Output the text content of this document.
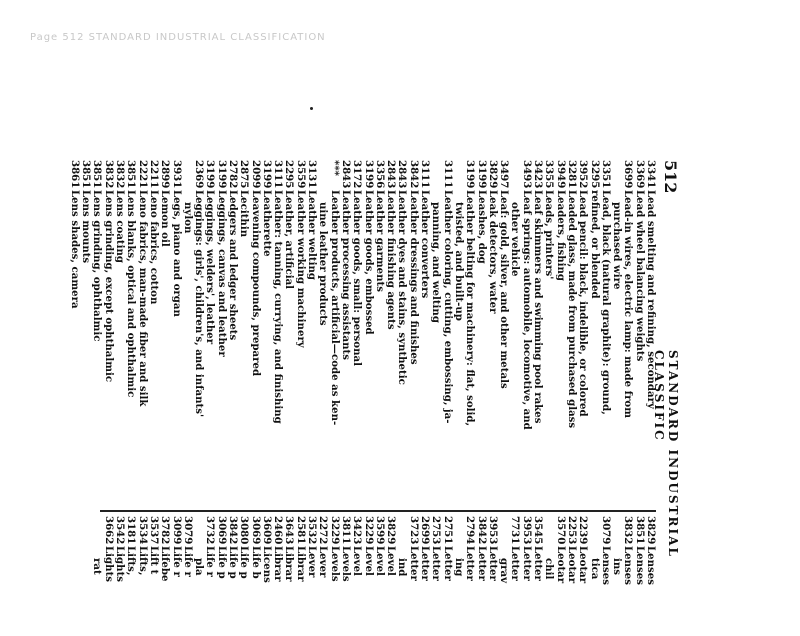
Page 512 STANDARD INDUSTRIAL CLASSIFICATION
512
STANDARD INDUSTRIAL CLASSIFIC
3341
Lead smelting and refining, secondary
3369
Lead wheel balancing weights
3699
Lead-in wires, electric lamp: made from
purchased wire
3351
Lead, black (natural graphite): ground,
3295
refined, or blended
3952
Lead pencil: black, indelible, or colored
3281
Leaded glass, made from purchased glass
3949
Leaders, fishing
3355
Leads, printers'
3423
Leaf skimmers and swimming pool rakes
3493
Leaf springs: automobile, locomotive, and
other vehicle
3497
Leaf: gold, silver, and other metals
3829
Leak detectors, water
3199
Leashes, dog
3199
Leather belting for machinery: flat, solid,
twisted, and built-up
3111
Leather coloring, cutting, embossing, ja-
panning, and welting
3111
Leather converters
3842
Leather dressings and finishes
2843
Leather dyes and stains, synthetic
2843
Leather finishing agents
3356
Leather garments
3199
Leather goods, embossed
3172
Leather goods, small: personal
2843
Leather processing assistants
***
Leather products, artificial—code as ken-
uine leather products
3131
Leather welting
3559
Leather working machinery
2295
Leather, artificial
3111
Leather: tanning, currying, and finishing
3199
Leatherette
2099
Leavening compounds, prepared
2875
Lecithin
2782
Ledgers and ledger sheets
3199
Leggings, canvas and leather
3199
Leggings, welders', leather
2369
Leggings: girls', children's, and infants'
nylon
3931
Legs, piano and organ
2899
Lemon oil
2211
Leno fabrics, cotton
2221
Leno fabrics, man-made fiber and silk
3851
Lens blanks, optical and ophthalmic
3832
Lens coating
3832
Lens grinding, except ophthalmic
3851
Lens grinding, ophthalmic
3851
Lens mounts
3861
Lens shades, camera
3829
Lenses
3851
Lenses
3832
Lenses
ins
3079
Lenses
tica
2239
Leotar
2253
Leotar
3570
Leotar
chil
3545
Letter
3953
Letter
7731
Letter
grav
3953
Letter
3842
Letter
2794
Letter
ing
2751
Letter
2753
Letter
2699
Letter
3723
Letter
ind
3829
Level
3599
Level
3229
Level
3423
Level
3811
Levels
3229
Levels
2272
Lever
3532
Lever
2581
Librar
3643
Librar
2460
Librar
3609
Licens
3069
Life b
3080
Life p
3842
Life p
3069
Life p
3732
Life r
pla
3079
Life r
3099
Life r
3782
Lifebe
3537
Lift t
3534
Lifts,
3181
Lifts,
3542
Lights
3662
Lights
rat
